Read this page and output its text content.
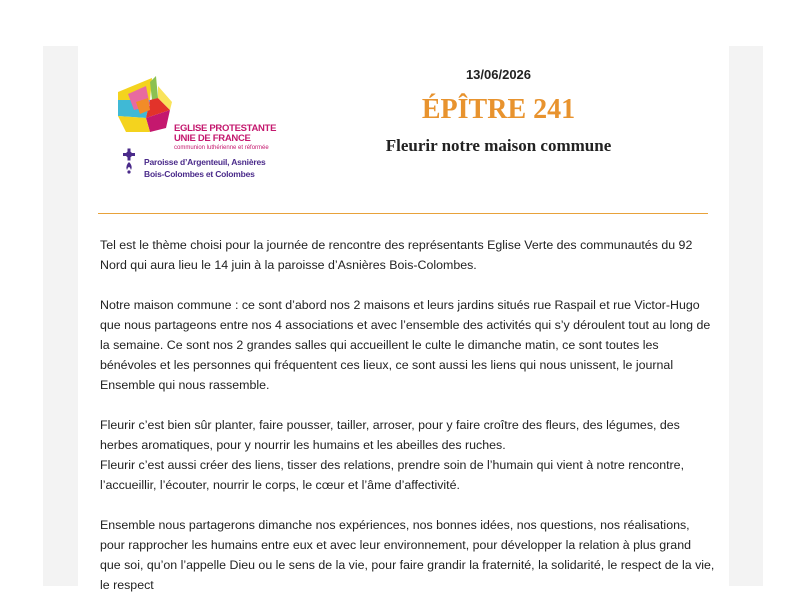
EGLISE PROTESTANTE
UNIE DE FRANCE
communion luthérienne et réformée
Paroisse d’Argenteuil, Asnières
Bois-Colombes et Colombes
13/06/2026
ÉPÎTRE 241
Fleurir notre maison commune

Tel est le thème choisi pour la journée de rencontre des représentants Eglise Verte des communautés du 92 Nord qui aura lieu le 14 juin à la paroisse d’Asnières Bois-Colombes.

Notre maison commune : ce sont d’abord nos 2 maisons et leurs jardins situés rue Raspail et rue Victor-Hugo que nous partageons entre nos 4 associations et avec l’ensemble des activités qui s’y déroulent tout au long de la semaine. Ce sont nos 2 grandes salles qui accueillent le culte le dimanche matin, ce sont toutes les bénévoles et les personnes qui fréquentent ces lieux, ce sont aussi les liens qui nous unissent, le journal Ensemble qui nous rassemble.

Fleurir c’est bien sûr planter, faire pousser, tailler, arroser, pour y faire croître des fleurs, des légumes, des herbes aromatiques, pour y nourrir les humains et les abeilles des ruches.
Fleurir c’est aussi créer des liens, tisser des relations, prendre soin de l’humain qui vient à notre rencontre, l’accueillir, l’écouter, nourrir le corps, le cœur et l’âme d’affectivité.

Ensemble nous partagerons dimanche nos expériences, nos bonnes idées, nos questions, nos réalisations, pour rapprocher les humains entre eux et avec leur environnement, pour développer la relation à plus grand que soi, qu’on l’appelle Dieu ou le sens de la vie, pour faire grandir la fraternité, la solidarité, le respect de la vie, le respect
